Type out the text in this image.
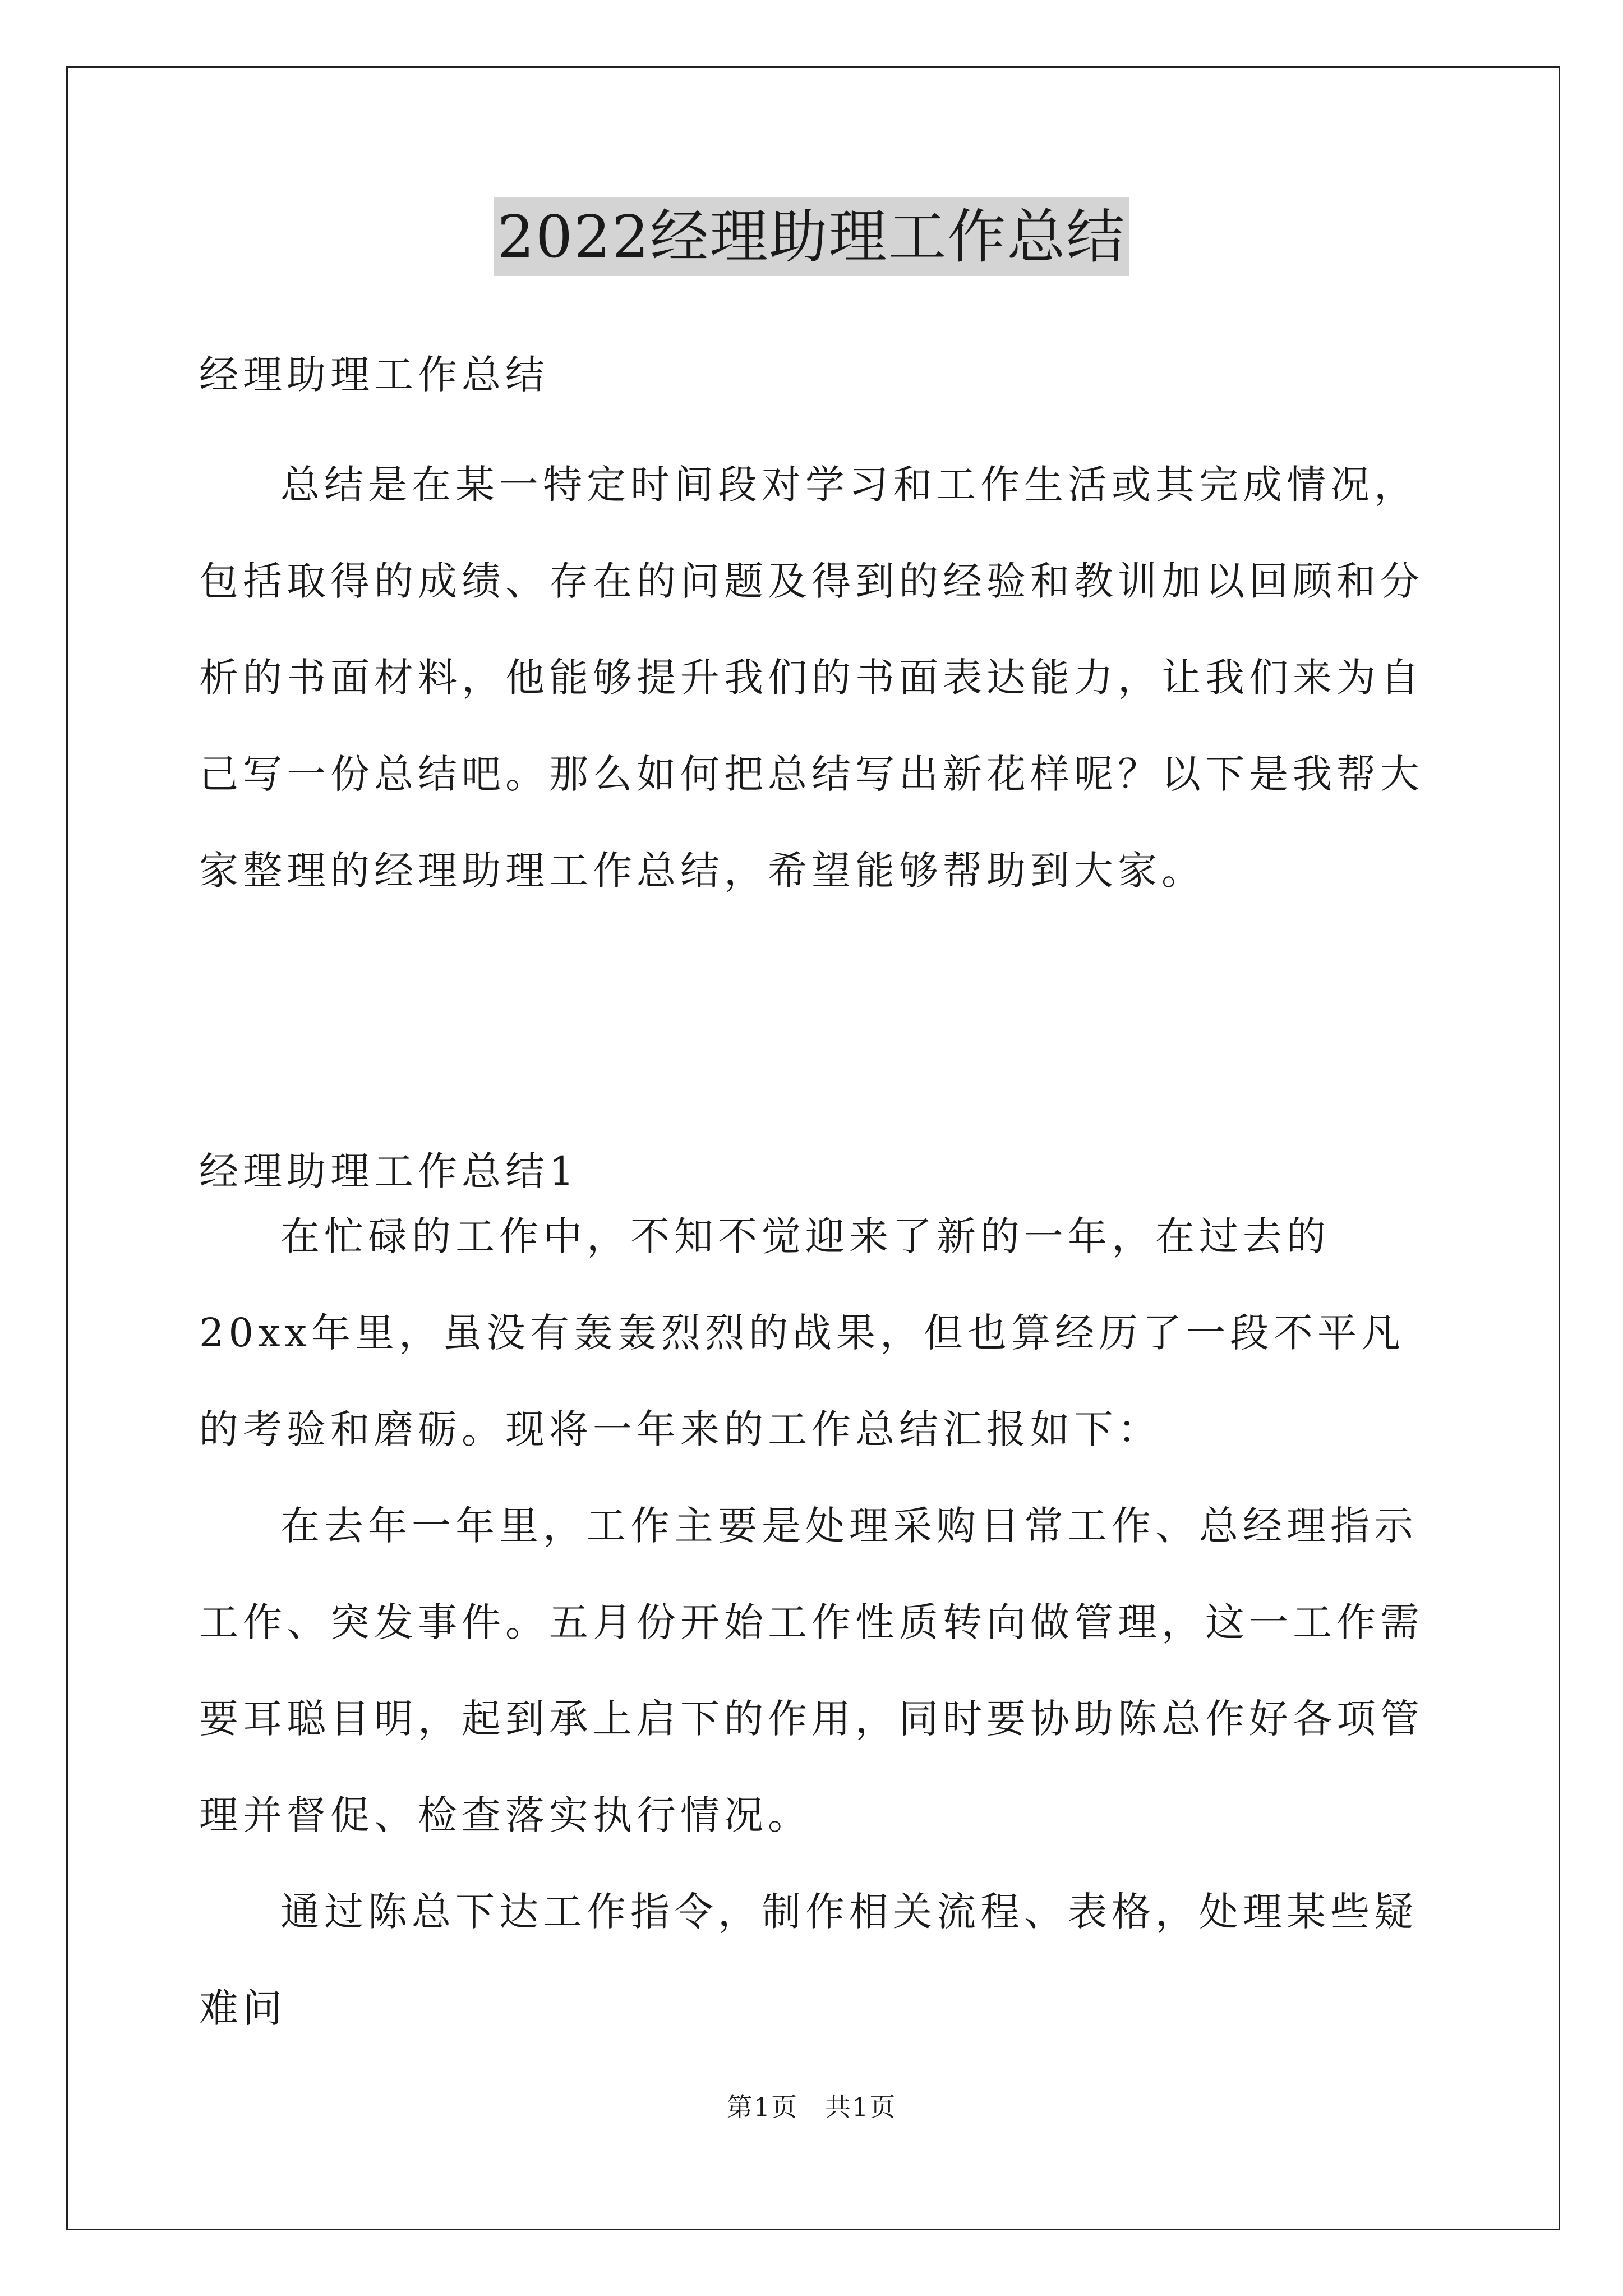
2022经理助理工作总结
经理助理工作总结

总结是在某一特定时间段对学习和工作生活或其完成情况，包括取得的成绩、存在的问题及得到的经验和教训加以回顾和分析的书面材料，他能够提升我们的书面表达能力，让我们来为自己写一份总结吧。那么如何把总结写出新花样呢？以下是我帮大家整理的经理助理工作总结，希望能够帮助到大家。

经理助理工作总结1

在忙碌的工作中，不知不觉迎来了新的一年，在过去的20xx年里，虽没有轰轰烈烈的战果，但也算经历了一段不平凡的考验和磨砺。现将一年来的工作总结汇报如下：

在去年一年里，工作主要是处理采购日常工作、总经理指示工作、突发事件。五月份开始工作性质转向做管理，这一工作需要耳聪目明，起到承上启下的作用，同时要协助陈总作好各项管理并督促、检查落实执行情况。

通过陈总下达工作指令，制作相关流程、表格，处理某些疑难问

第1页　共1页
